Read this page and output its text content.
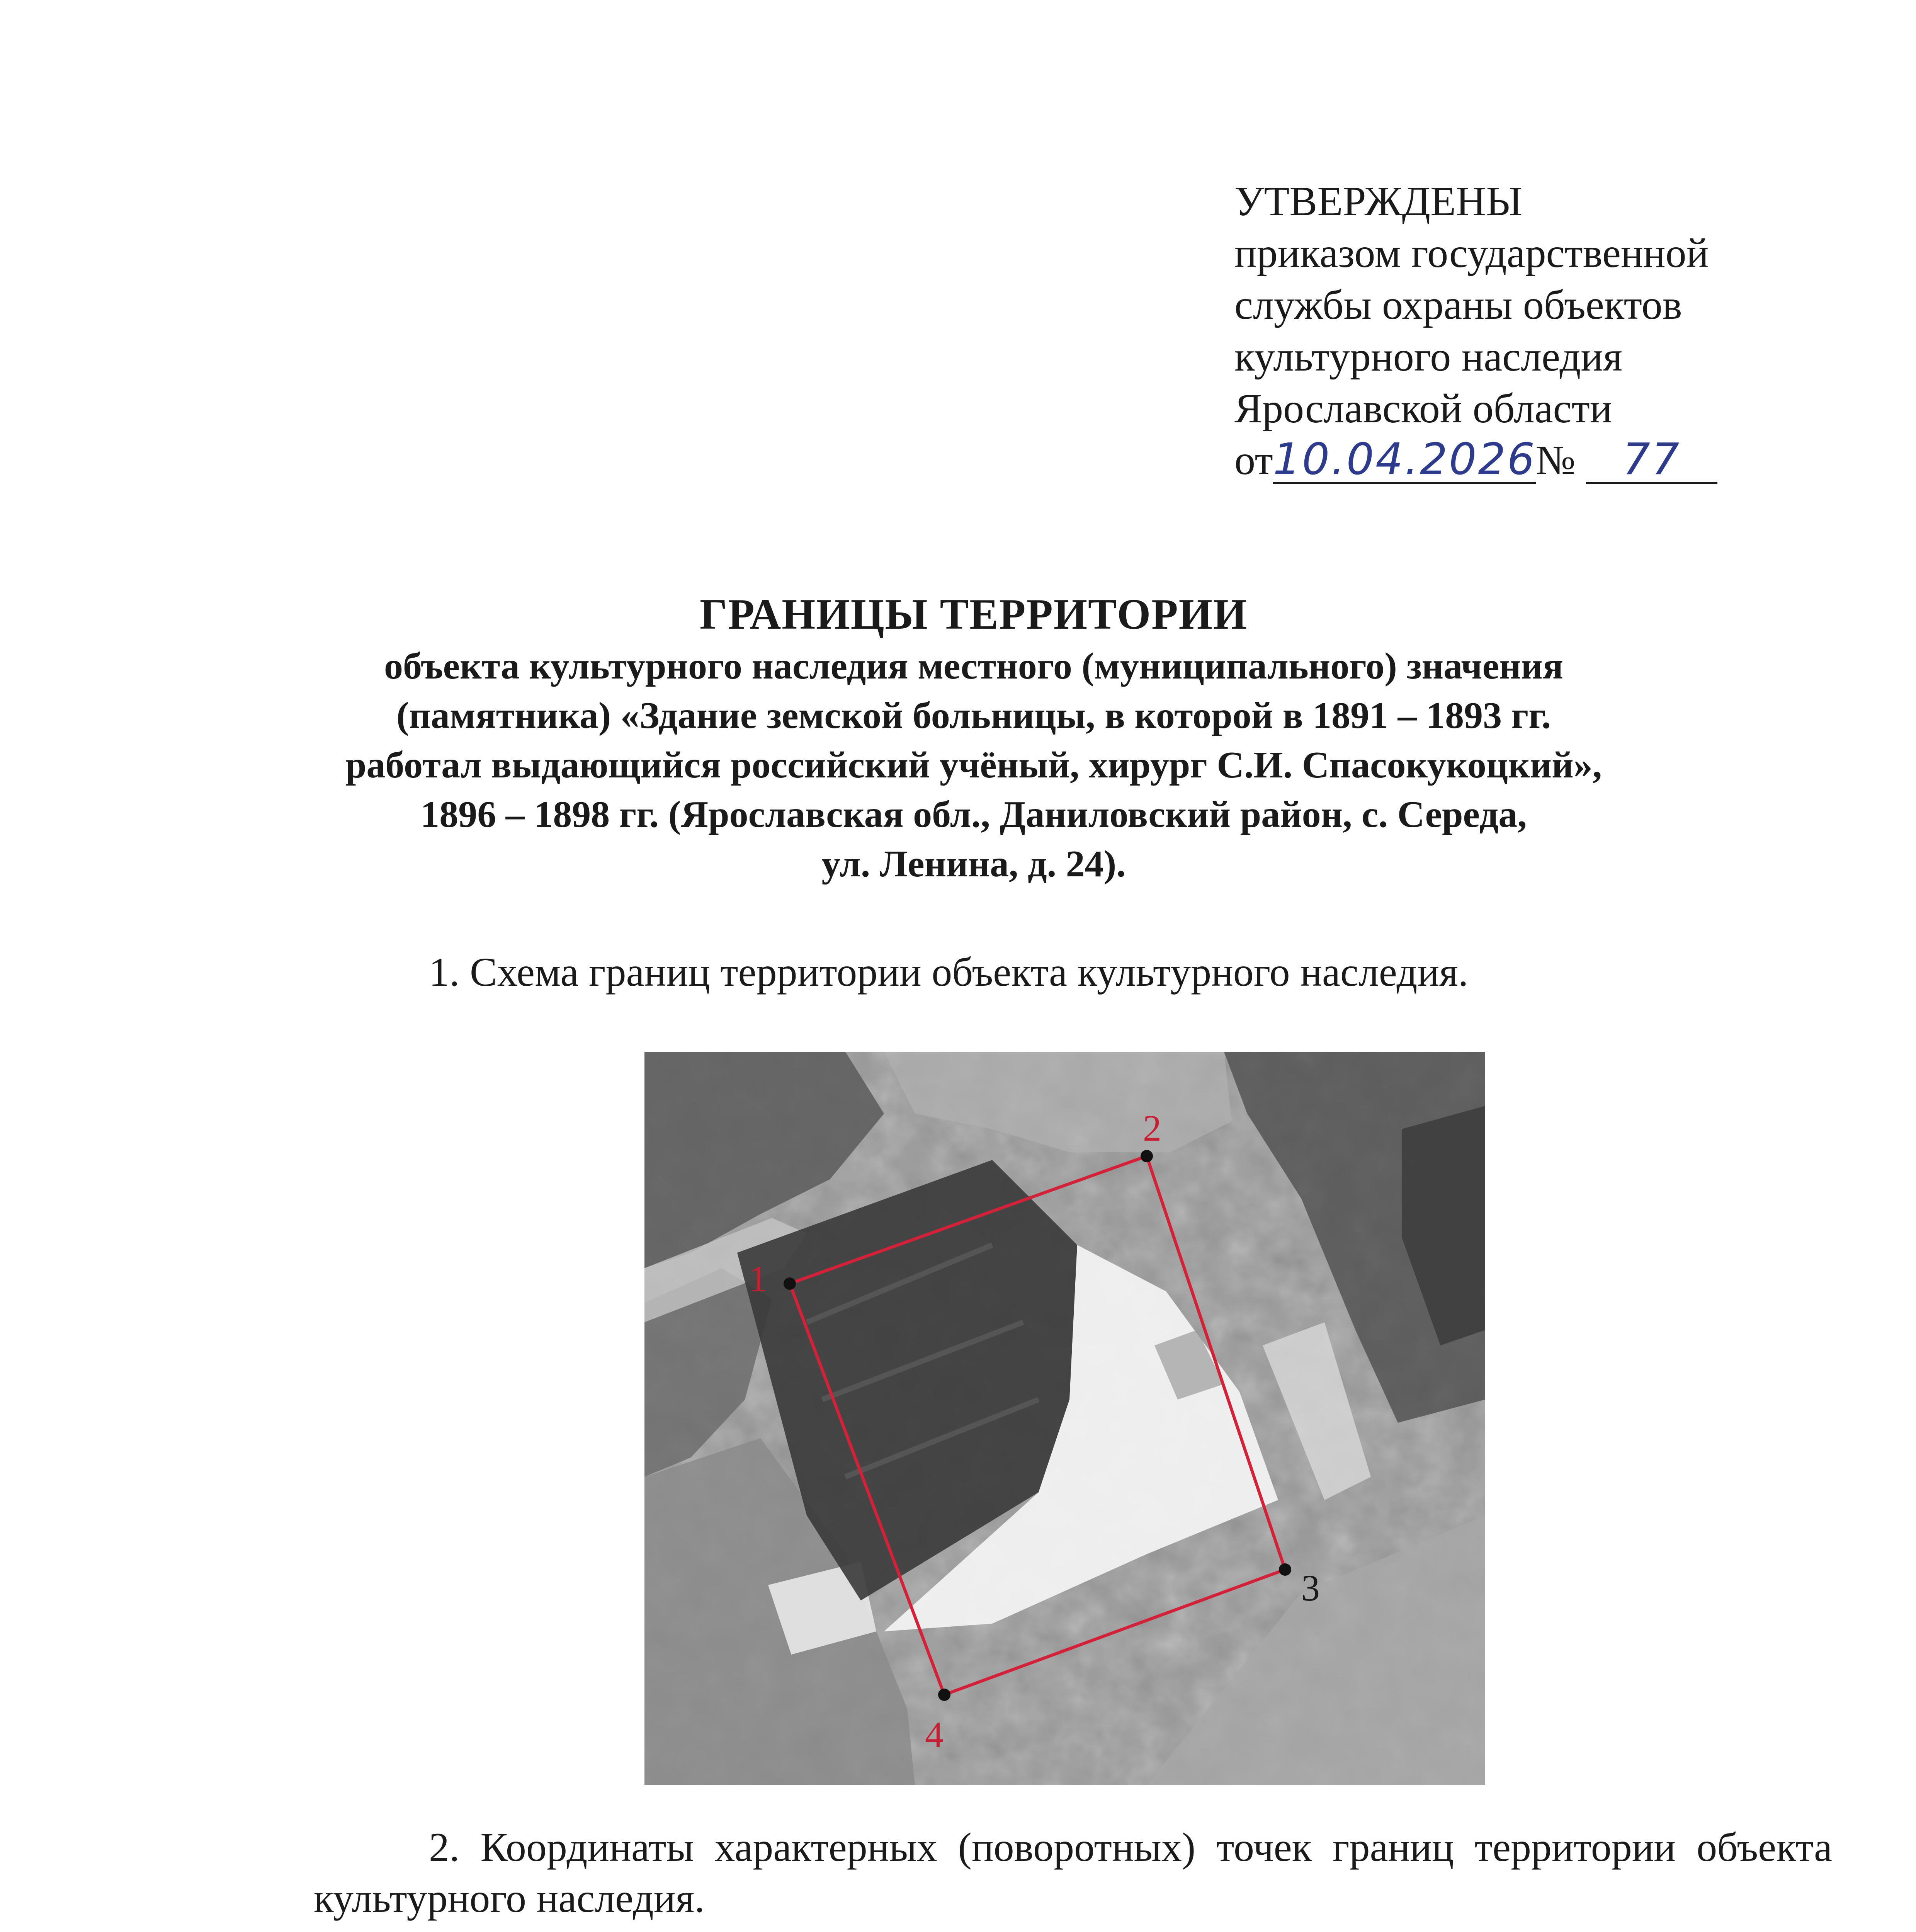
УТВЕРЖДЕНЫ
приказом государственной
службы охраны объектов
культурного наследия
Ярославской области
от10.04.2026№ 77
ГРАНИЦЫ ТЕРРИТОРИИ
объекта культурного наследия местного (муниципального) значения
(памятника) «Здание земской больницы, в которой в 1891 – 1893 гг.
работал выдающийся российский учёный, хирург С.И. Спасокукоцкий»,
1896 – 1898 гг. (Ярославская обл., Даниловский район, с. Середа,
ул. Ленина, д. 24).
1. Схема границ территории объекта культурного наследия.
1
2
3
4
2. Координаты характерных (поворотных) точек границ территории объекта культурного наследия.
